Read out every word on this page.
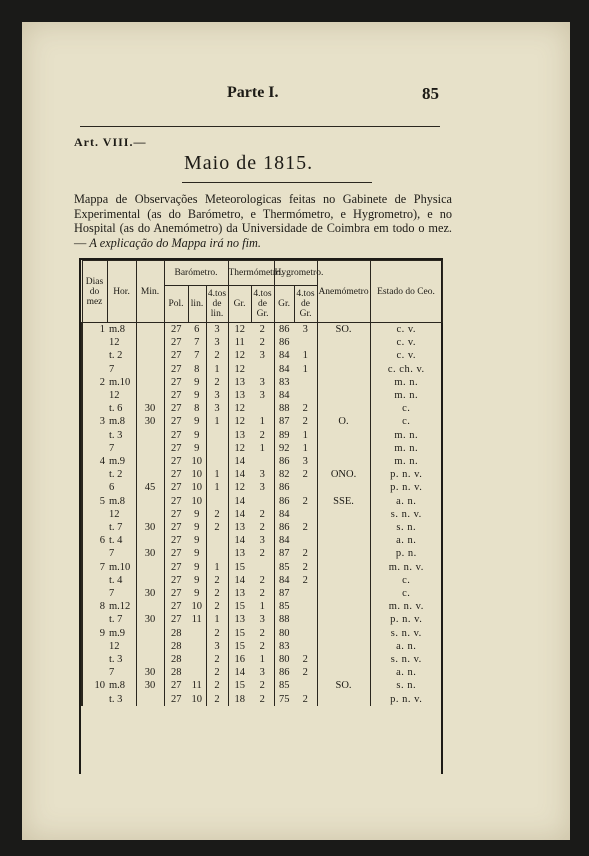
Parte I.	85
Art. VIII.—
Maio de 1815.
Mappa de Observações Meteorologicas feitas no Gabinete de Physica Experimental (as do Barómetro, e Thermómetro, e Hygrometro), e no Hospital (as do Anemómetro) da Universidade de Coimbra em todo o mez. — A explicação do Mappa irá no fim.
Dias do mez	Hor.	Min.	Barómetro.			Thermómetro.		Hygrometro.		Anemómetro	Estado do Ceo.
			Pol.	lin.	4.tos de lin.	Gr.	4.tos de Gr.	Gr.	4.tos de Gr.		
1	m.8		27	6	3	12	2	86	3	SO.	c. v.
	12		27	7	3	11	2	86			c. v.
	t. 2		27	7	2	12	3	84	1		c. v.
	7		27	8	1	12		84	1		c. ch. v.
2	m.10		27	9	2	13	3	83			m. n.
	12		27	9	3	13	3	84			m. n.
	t. 6	30	27	8	3	12		88	2		c.
3	m.8	30	27	9	1	12	1	87	2	O.	c.
	t. 3		27	9		13	2	89	1		m. n.
	7		27	9		12	1	92	1		m. n.
4	m.9		27	10		14		86	3		m. n.
	t. 2		27	10	1	14	3	82	2	ONO.	p. n. v.
	6	45	27	10	1	12	3	86			p. n. v.
5	m.8		27	10		14		86	2	SSE.	a. n.
	12		27	9	2	14	2	84			s. n. v.
	t. 7	30	27	9	2	13	2	86	2		s. n.
6	t. 4		27	9		14	3	84			a. n.
	7	30	27	9		13	2	87	2		p. n.
7	m.10		27	9	1	15		85	2		m. n. v.
	t. 4		27	9	2	14	2	84	2		c.
	7	30	27	9	2	13	2	87			c.
8	m.12		27	10	2	15	1	85			m. n. v.
	t. 7	30	27	11	1	13	3	88			p. n. v.
9	m.9		28		2	15	2	80			s. n. v.
	12		28		3	15	2	83			a. n.
	t. 3		28		2	16	1	80	2		s. n. v.
	7	30	28		2	14	3	86	2		a. n.
10	m.8	30	27	11	2	15	2	85		SO.	s. n.
	t. 3		27	10	2	18	2	75	2		p. n. v.
